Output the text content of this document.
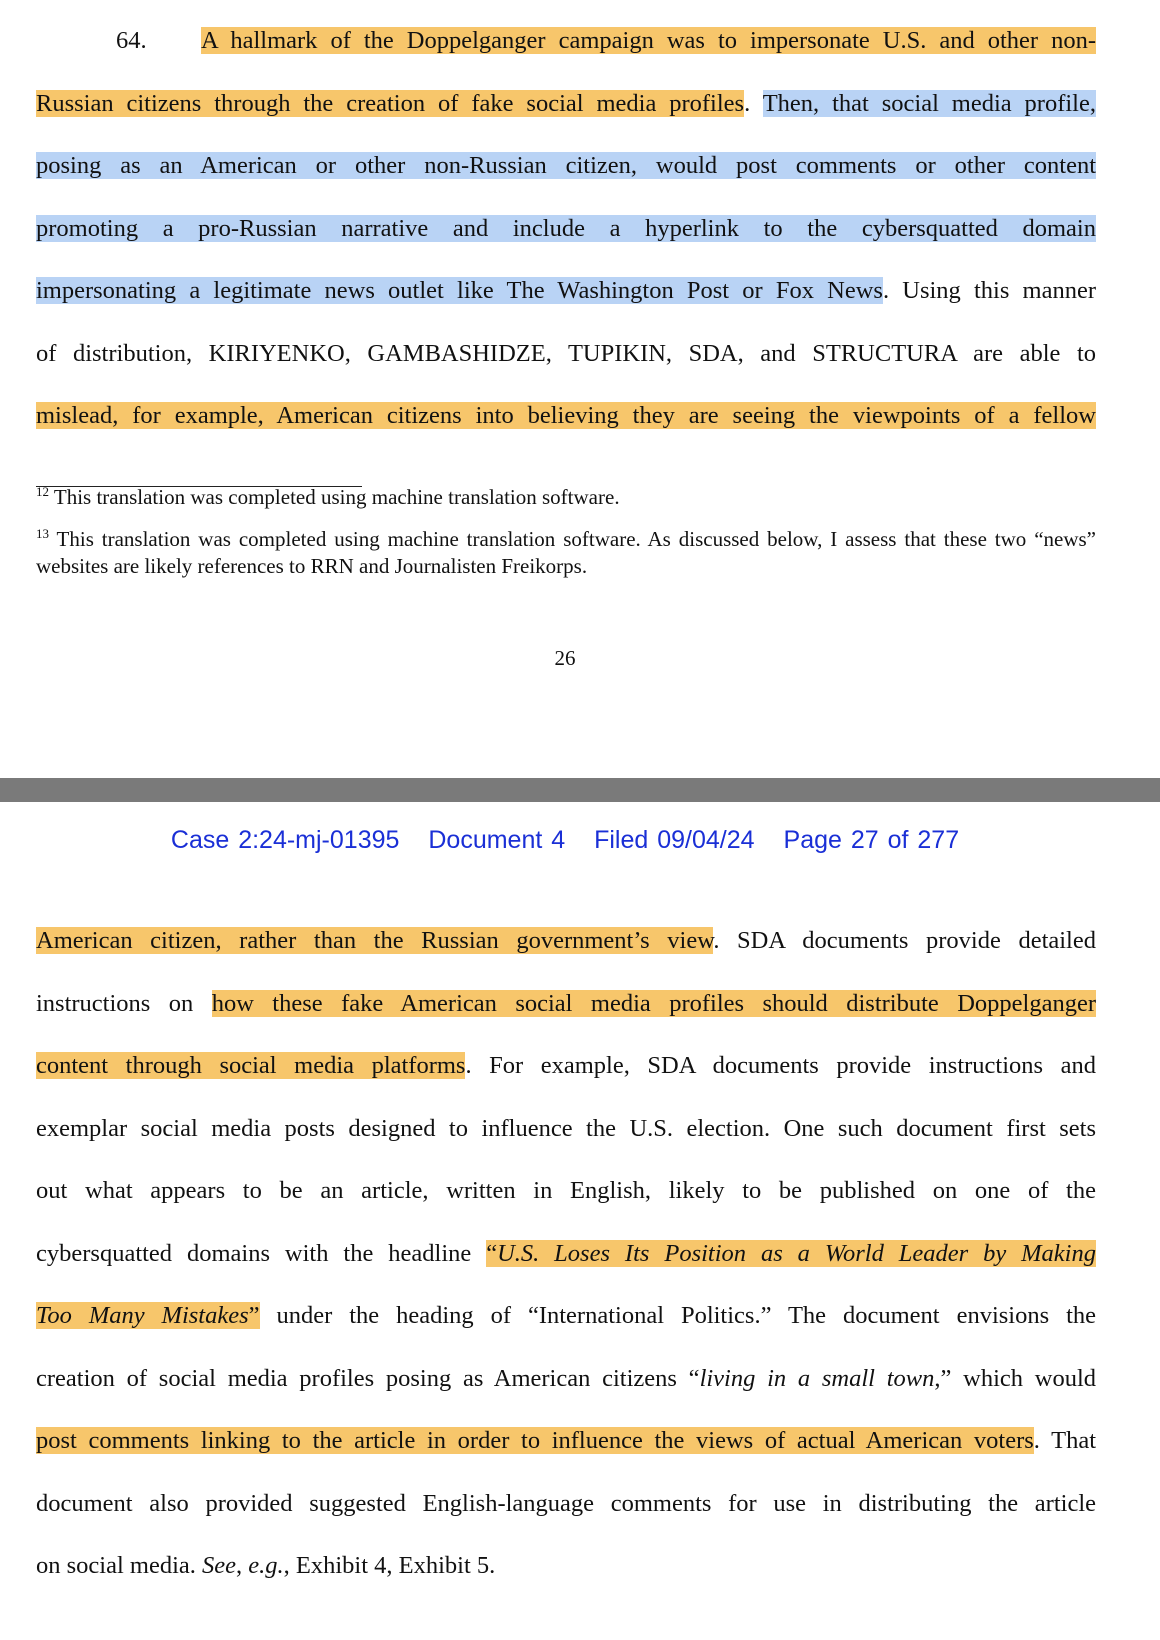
64. A hallmark of the Doppelganger campaign was to impersonate U.S. and other non-
Russian citizens through the creation of fake social media profiles. Then, that social media profile,
posing as an American or other non-Russian citizen, would post comments or other content
promoting a pro-Russian narrative and include a hyperlink to the cybersquatted domain
impersonating a legitimate news outlet like The Washington Post or Fox News. Using this manner
of distribution, KIRIYENKO, GAMBASHIDZE, TUPIKIN, SDA, and STRUCTURA are able to
mislead, for example, American citizens into believing they are seeing the viewpoints of a fellow
$^{12}$ This translation was completed using machine translation software.
$^{13}$ This translation was completed using machine translation software. As discussed below, I assess that these two “news” websites are likely references to RRN and Journalisten Freikorps.
26
Case 2:24-mj-01395 Document 4 Filed 09/04/24 Page 27 of 277
American citizen, rather than the Russian government’s view. SDA documents provide detailed
instructions on how these fake American social media profiles should distribute Doppelganger
content through social media platforms. For example, SDA documents provide instructions and
exemplar social media posts designed to influence the U.S. election. One such document first sets
out what appears to be an article, written in English, likely to be published on one of the
cybersquatted domains with the headline “U.S. Loses Its Position as a World Leader by Making
Too Many Mistakes” under the heading of “International Politics.” The document envisions the
creation of social media profiles posing as American citizens “living in a small town,” which would
post comments linking to the article in order to influence the views of actual American voters. That
document also provided suggested English-language comments for use in distributing the article
on social media. See, e.g., Exhibit 4, Exhibit 5.
